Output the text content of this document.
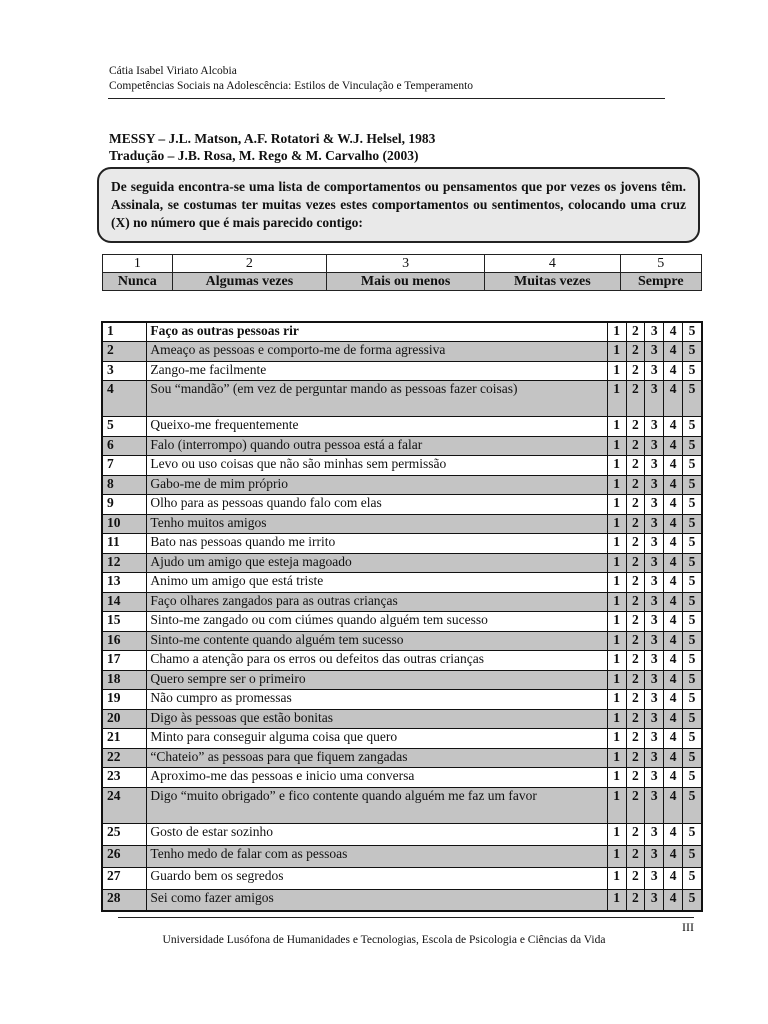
Cátia Isabel Viriato Alcobia
Competências Sociais na Adolescência: Estilos de Vinculação e Temperamento
MESSY – J.L. Matson, A.F. Rotatori & W.J. Helsel, 1983
Tradução – J.B. Rosa, M. Rego & M. Carvalho (2003)
De seguida encontra-se uma lista de comportamentos ou pensamentos que por vezes os jovens têm. Assinala, se costumas ter muitas vezes estes comportamentos ou sentimentos, colocando uma cruz (X) no número que é mais parecido contigo:
1	2	3	4	5
Nunca	Algumas vezes	Mais ou menos	Muitas vezes	Sempre
1	Faço as outras pessoas rir	1	2	3	4	5
2	Ameaço as pessoas e comporto-me de forma agressiva	1	2	3	4	5
3	Zango-me facilmente	1	2	3	4	5
4	Sou “mandão” (em vez de perguntar mando as pessoas fazer coisas)	1	2	3	4	5
5	Queixo-me frequentemente	1	2	3	4	5
6	Falo (interrompo) quando outra pessoa está a falar	1	2	3	4	5
7	Levo ou uso coisas que não são minhas sem permissão	1	2	3	4	5
8	Gabo-me de mim próprio	1	2	3	4	5
9	Olho para as pessoas quando falo com elas	1	2	3	4	5
10	Tenho muitos amigos	1	2	3	4	5
11	Bato nas pessoas quando me irrito	1	2	3	4	5
12	Ajudo um amigo que esteja magoado	1	2	3	4	5
13	Animo um amigo que está triste	1	2	3	4	5
14	Faço olhares zangados para as outras crianças	1	2	3	4	5
15	Sinto-me zangado ou com ciúmes quando alguém tem sucesso	1	2	3	4	5
16	Sinto-me contente quando alguém tem sucesso	1	2	3	4	5
17	Chamo a atenção para os erros ou defeitos das outras crianças	1	2	3	4	5
18	Quero sempre ser o primeiro	1	2	3	4	5
19	Não cumpro as promessas	1	2	3	4	5
20	Digo às pessoas que estão bonitas	1	2	3	4	5
21	Minto para conseguir alguma coisa que quero	1	2	3	4	5
22	“Chateio” as pessoas para que fiquem zangadas	1	2	3	4	5
23	Aproximo-me das pessoas e inicio uma conversa	1	2	3	4	5
24	Digo “muito obrigado” e fico contente quando alguém me faz um favor	1	2	3	4	5
25	Gosto de estar sozinho	1	2	3	4	5
26	Tenho medo de falar com as pessoas	1	2	3	4	5
27	Guardo bem os segredos	1	2	3	4	5
28	Sei como fazer amigos	1	2	3	4	5
III
Universidade Lusófona de Humanidades e Tecnologias, Escola de Psicologia e Ciências da Vida
